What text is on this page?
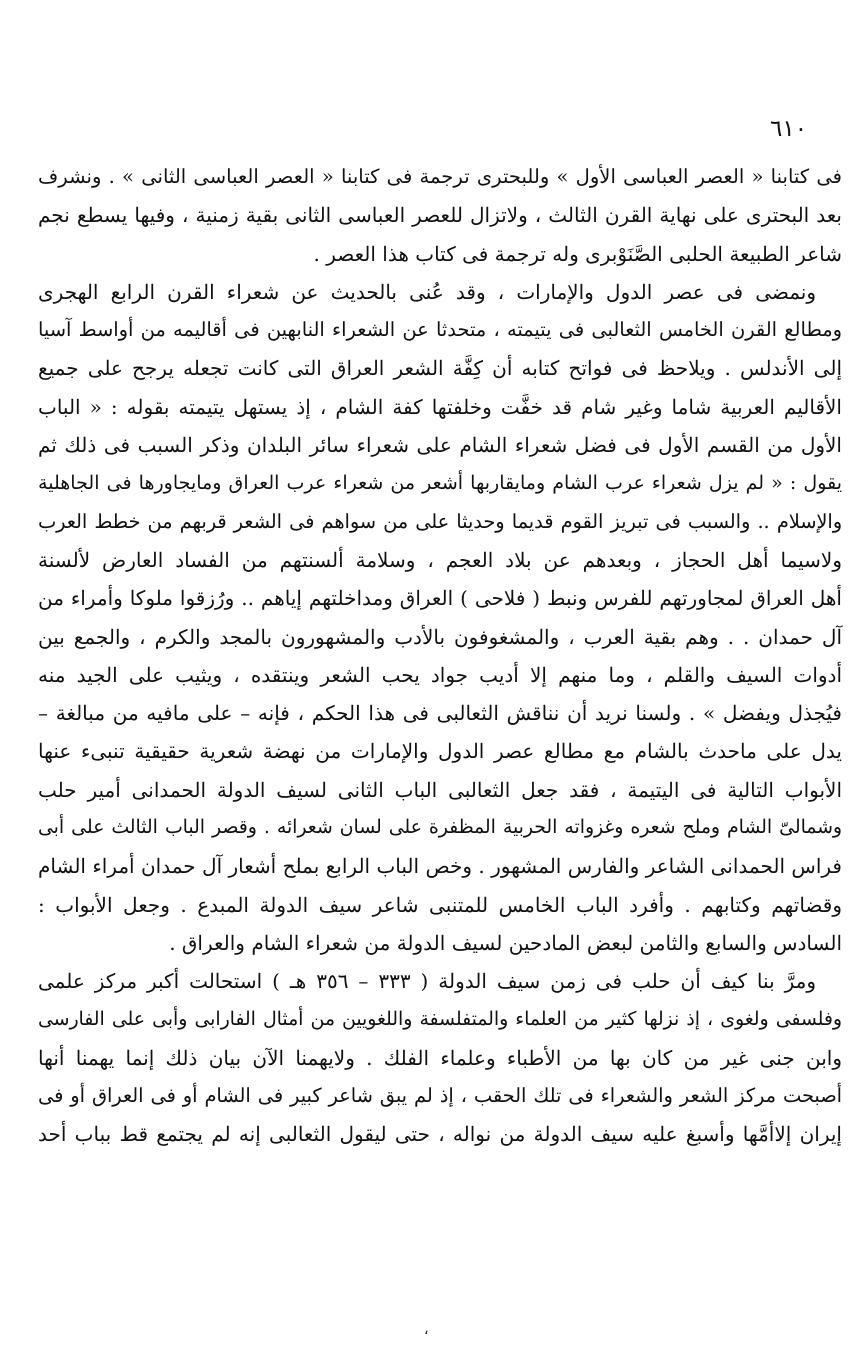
٦١٠

فى كتابنا « العصر العباسى الأول » وللبحترى ترجمة فى كتابنا « العصر العباسى الثانى » . ونشرف
بعد البحترى على نهاية القرن الثالث ، ولاتزال للعصر العباسى الثانى بقية زمنية ، وفيها يسطع نجم
شاعر الطبيعة الحلبى الصَّنَوْبرى وله ترجمة فى كتاب هذا العصر .

ونمضى فى عصر الدول والإمارات ، وقد عُنى بالحديث عن شعراء القرن الرابع الهجرى
ومطالع القرن الخامس الثعالبى فى يتيمته ، متحدثا عن الشعراء النابهين فى أقاليمه من أواسط آسيا
إلى الأندلس . ويلاحظ فى فواتح كتابه أن كِفَّة الشعر العراق التى كانت تجعله يرجح على جميع
الأقاليم العربية شاما وغير شام قد خفَّت وخلفتها كفة الشام ، إذ يستهل يتيمته بقوله : « الباب
الأول من القسم الأول فى فضل شعراء الشام على شعراء سائر البلدان وذكر السبب فى ذلك ثم
يقول : « لم يزل شعراء عرب الشام ومايقاربها أشعر من شعراء عرب العراق ومايجاورها فى الجاهلية
والإسلام .. والسبب فى تبريز القوم قديما وحديثا على من سواهم فى الشعر قربهم من خطط العرب
ولاسيما أهل الحجاز ، وبعدهم عن بلاد العجم ، وسلامة ألسنتهم من الفساد العارض لألسنة
أهل العراق لمجاورتهم للفرس ونبط ( فلاحى ) العراق ومداخلتهم إياهم .. ورُزقوا ملوكا وأمراء من
آل حمدان . . وهم بقية العرب ، والمشغوفون بالأدب والمشهورون بالمجد والكرم ، والجمع بين
أدوات السيف والقلم ، وما منهم إلا أديب جواد يحب الشعر وينتقده ، ويثيب على الجيد منه
فيُجذل ويفضل » . ولسنا نريد أن نناقش الثعالبى فى هذا الحكم ، فإنه – على مافيه من مبالغة –
يدل على ماحدث بالشام مع مطالع عصر الدول والإمارات من نهضة شعرية حقيقية تنبىء عنها
الأبواب التالية فى اليتيمة ، فقد جعل الثعالبى الباب الثانى لسيف الدولة الحمدانى أمير حلب
وشمالىّ الشام وملح شعره وغزواته الحربية المظفرة على لسان شعرائه . وقصر الباب الثالث على أبى
فراس الحمدانى الشاعر والفارس المشهور . وخص الباب الرابع بملح أشعار آل حمدان أمراء الشام
وقضاتهم وكتابهم . وأفرد الباب الخامس للمتنبى شاعر سيف الدولة المبدع . وجعل الأبواب :
السادس والسابع والثامن لبعض المادحين لسيف الدولة من شعراء الشام والعراق .

ومرَّ بنا كيف أن حلب فى زمن سيف الدولة ( ٣٣٣ – ٣٥٦ هـ ) استحالت أكبر مركز علمى
وفلسفى ولغوى ، إذ نزلها كثير من العلماء والمتفلسفة واللغويين من أمثال الفارابى وأبى على الفارسى
وابن جنى غير من كان بها من الأطباء وعلماء الفلك . ولايهمنا الآن بيان ذلك إنما يهمنا أنها
أصبحت مركز الشعر والشعراء فى تلك الحقب ، إذ لم يبق شاعر كبير فى الشام أو فى العراق أو فى
إيران إلاأمَّها وأسبغ عليه سيف الدولة من نواله ، حتى ليقول الثعالبى إنه لم يجتمع قط بباب أحد

،
